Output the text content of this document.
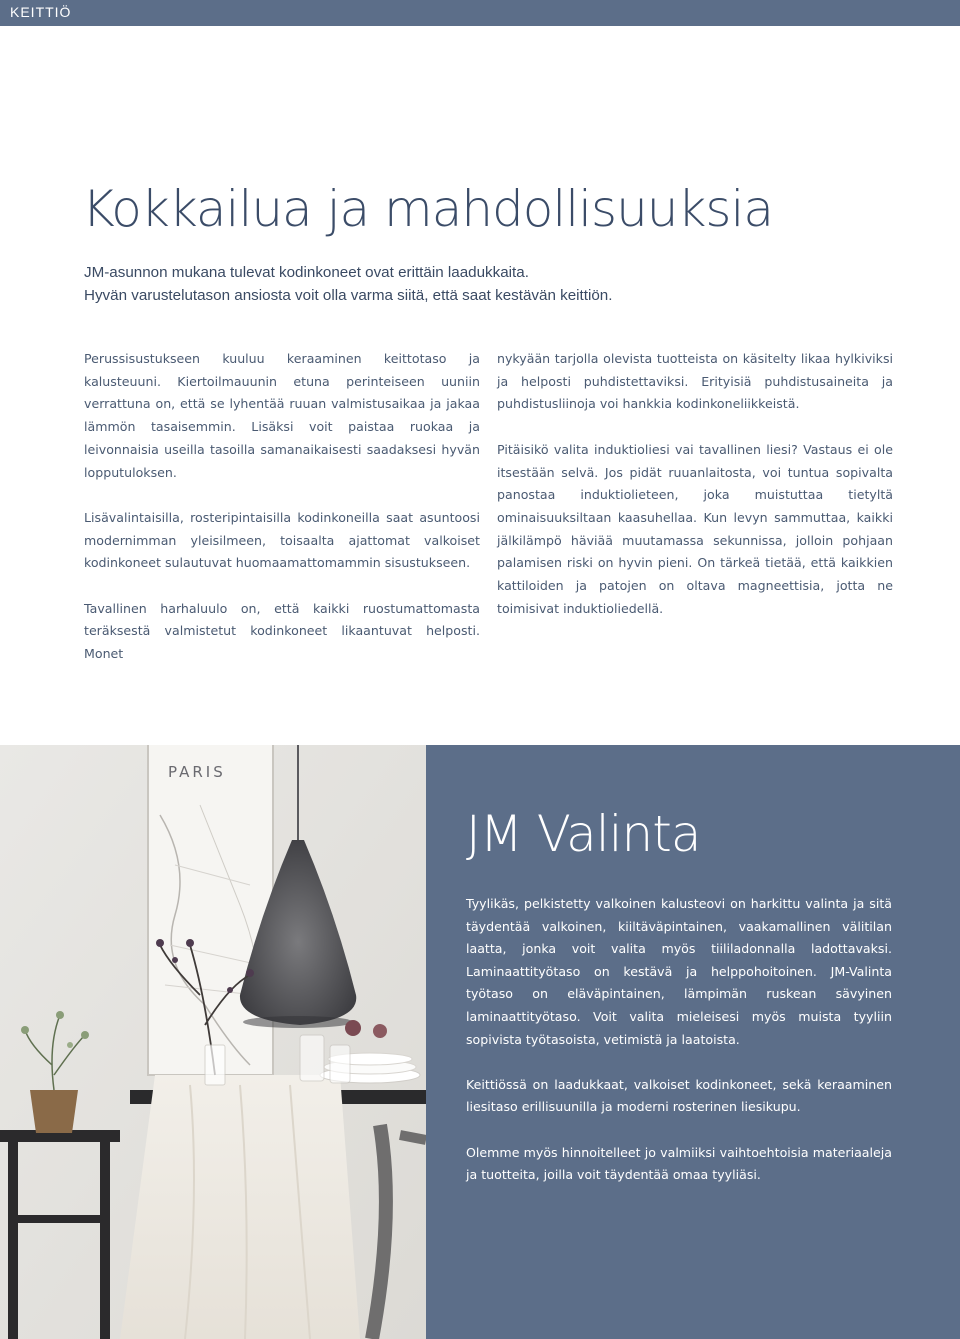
KEITTIÖ
Kokkailua ja mahdollisuuksia

JM-asunnon mukana tulevat kodinkoneet ovat erittäin laadukkaita.

Hyvän varustelutason ansiosta voit olla varma siitä, että saat kestävän keittiön.

Perussisustukseen kuuluu keraaminen keittotaso ja kalusteuuni. Kiertoilmauunin etuna perinteiseen uuniin verrattuna on, että se lyhentää ruuan valmistusaikaa ja jakaa lämmön tasaisemmin. Lisäksi voit paistaa ruokaa ja leivonnaisia useilla tasoilla samanaikaisesti saadaksesi hyvän lopputuloksen.

Lisävalintaisilla, rosteripintaisilla kodinkoneilla saat asuntoosi modernimman yleisilmeen, toisaalta ajattomat valkoiset kodinkoneet sulautuvat huomaamattomammin sisustukseen.

Tavallinen harhaluulo on, että kaikki ruostumattomasta teräksestä valmistetut kodinkoneet likaantuvat helposti. Monet

nykyään tarjolla olevista tuotteista on käsitelty likaa hylkiviksi ja helposti puhdistettaviksi. Erityisiä puhdistusaineita ja puhdistusliinoja voi hankkia kodinkoneliikkeistä.

Pitäisikö valita induktioliesi vai tavallinen liesi? Vastaus ei ole itsestään selvä. Jos pidät ruuanlaitosta, voi tuntua sopivalta panostaa induktiolieteen, joka muistuttaa tietyltä ominaisuuksiltaan kaasuhellaa. Kun levyn sammuttaa, kaikki jälkilämpö häviää muutamassa sekunnissa, jolloin pohjaan palamisen riski on hyvin pieni. On tärkeä tietää, että kaikkien kattiloiden ja patojen on oltava magneettisia, jotta ne toimisivat induktioliedellä.

PARIS
JM Valinta

Tyylikäs, pelkistetty valkoinen kalusteovi on harkittu valinta ja sitä täydentää valkoinen, kiiltäväpintainen, vaakamallinen välitilan laatta, jonka voit valita myös tiililadonnalla ladottavaksi. Laminaattityötaso on kestävä ja helppohoitoinen. JM-Valinta työtaso on eläväpintainen, lämpimän ruskean sävyinen laminaattityötaso. Voit valita mieleisesi myös muista tyyliin sopivista työtasoista, vetimistä ja laatoista.

Keittiössä on laadukkaat, valkoiset kodinkoneet, sekä keraaminen liesitaso erillisuunilla ja moderni rosterinen liesikupu.

Olemme myös hinnoitelleet jo valmiiksi vaihtoehtoisia materiaaleja ja tuotteita, joilla voit täydentää omaa tyyliäsi.
